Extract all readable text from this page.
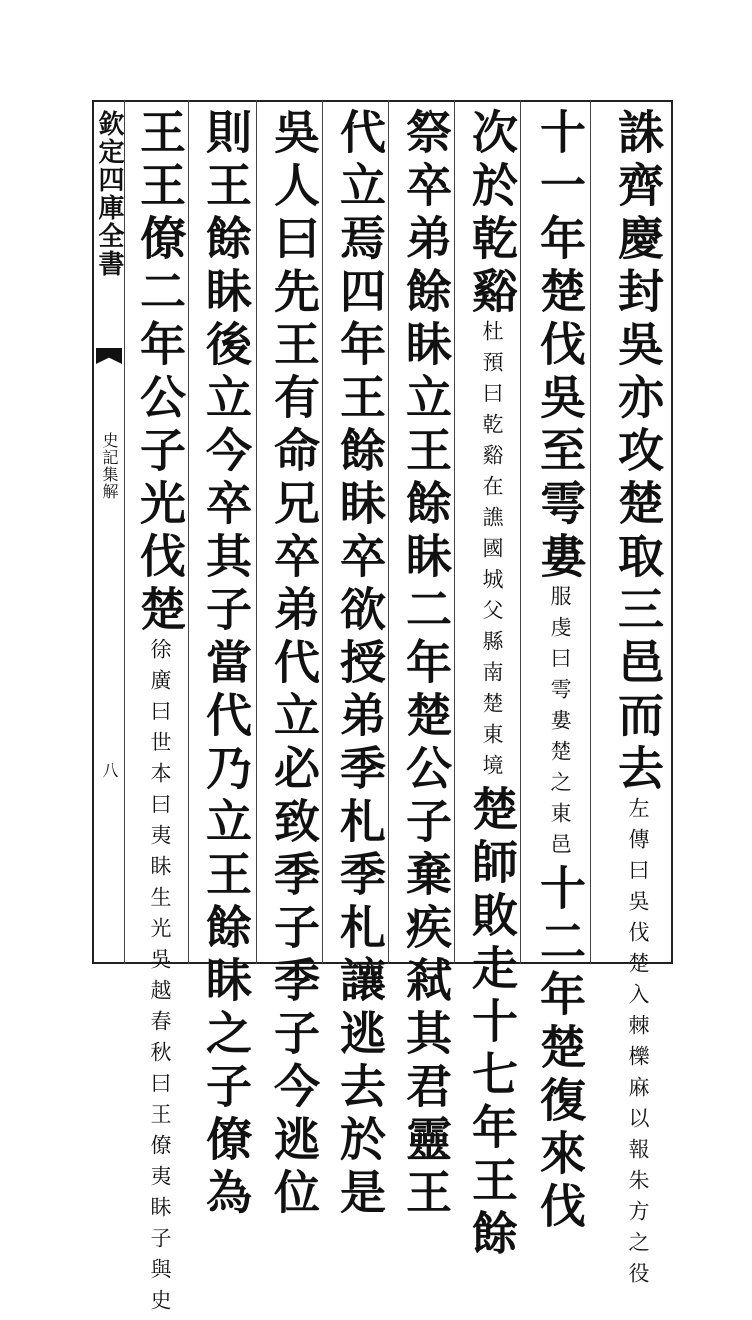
欽定四庫全書
史記集解
八	誅齊慶封吳亦攻楚取三邑而去左傳曰吳伐楚入棘櫟麻以報朱方之役
十一年楚伐吳至雩婁服虔曰雩婁楚之東邑十二年楚復來伐
次於乾谿杜預曰乾谿在譙國城父縣南楚東境楚師敗走十七年王餘
祭卒弟餘眛立王餘眛二年楚公子棄疾弒其君靈王
代立焉四年王餘眛卒欲授弟季札季札讓逃去於是
吳人曰先王有命兄卒弟代立必致季子季子今逃位
則王餘眛後立今卒其子當代乃立王餘眛之子僚為
王王僚二年公子光伐楚徐廣曰世本曰夷眛生光吳越春秋曰王僚夷眛子與史
